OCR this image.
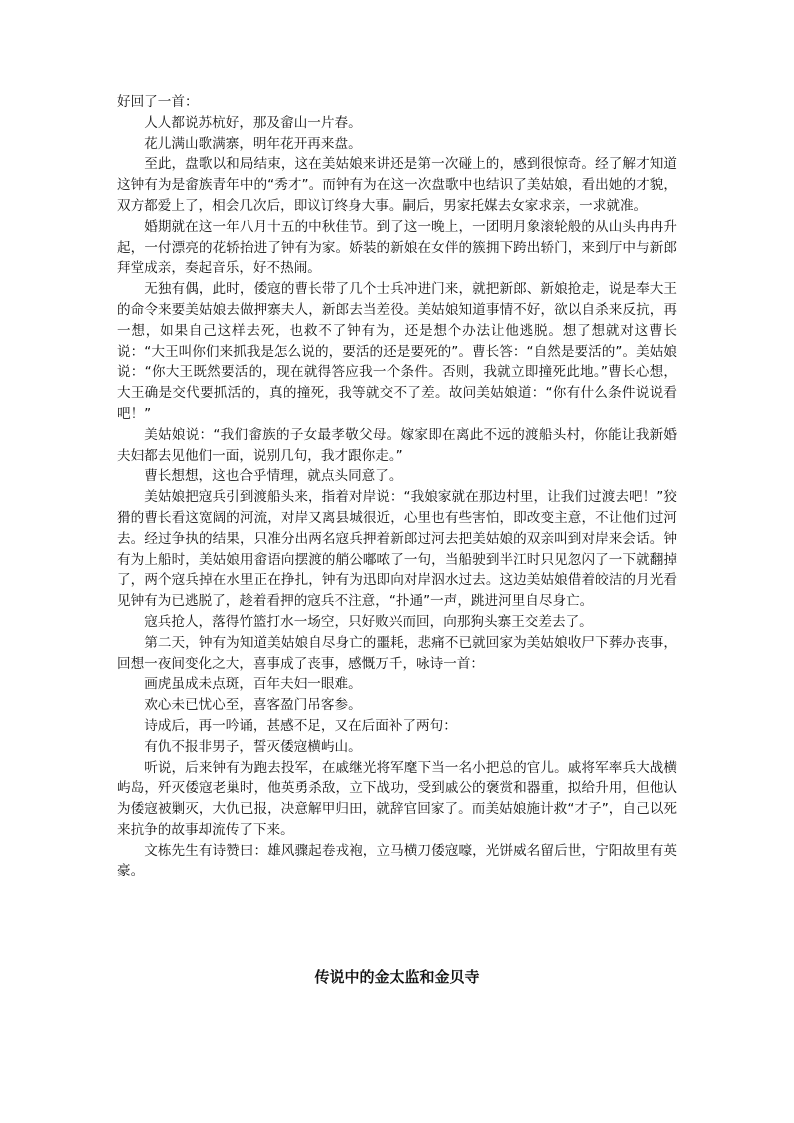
好回了一首：

人人都说苏杭好，那及畲山一片春。

花儿满山歌满寨，明年花开再来盘。

至此，盘歌以和局结束，这在美姑娘来讲还是第一次碰上的，感到很惊奇。经了解才知道这钟有为是畲族青年中的“秀才”。而钟有为在这一次盘歌中也结识了美姑娘，看出她的才貌，双方都爱上了，相会几次后，即议订终身大事。嗣后，男家托媒去女家求亲，一求就准。

婚期就在这一年八月十五的中秋佳节。到了这一晚上，一团明月象滚轮般的从山头冉冉升起，一付漂亮的花轿抬进了钟有为家。娇装的新娘在女伴的簇拥下跨出轿门，来到厅中与新郎拜堂成亲，奏起音乐，好不热闹。

无独有偶，此时，倭寇的曹长带了几个士兵冲进门来，就把新郎、新娘抢走，说是奉大王的命令来要美姑娘去做押寨夫人，新郎去当差役。美姑娘知道事情不好，欲以自杀来反抗，再一想，如果自己这样去死，也救不了钟有为，还是想个办法让他逃脱。想了想就对这曹长说：“大王叫你们来抓我是怎么说的，要活的还是要死的”。曹长答：“自然是要活的”。美姑娘说：“你大王既然要活的，现在就得答应我一个条件。否则，我就立即撞死此地。”曹长心想，大王确是交代要抓活的，真的撞死，我等就交不了差。故问美姑娘道：“你有什么条件说说看吧！”

美姑娘说：“我们畲族的子女最孝敬父母。嫁家即在离此不远的渡船头村，你能让我新婚夫妇都去见他们一面，说别几句，我才跟你走。”

曹长想想，这也合乎情理，就点头同意了。

美姑娘把寇兵引到渡船头来，指着对岸说：“我娘家就在那边村里，让我们过渡去吧！”狡猾的曹长看这宽阔的河流，对岸又离县城很近，心里也有些害怕，即改变主意，不让他们过河去。经过争执的结果，只准分出两名寇兵押着新郎过河去把美姑娘的双亲叫到对岸来会话。钟有为上船时，美姑娘用畲语向摆渡的艄公嘟哝了一句，当船驶到半江时只见忽闪了一下就翻掉了，两个寇兵掉在水里正在挣扎，钟有为迅即向对岸泅水过去。这边美姑娘借着皎洁的月光看见钟有为已逃脱了，趁着看押的寇兵不注意，“扑通”一声，跳进河里自尽身亡。

寇兵抢人，落得竹篮打水一场空，只好败兴而回，向那狗头寨王交差去了。

第二天，钟有为知道美姑娘自尽身亡的噩耗，悲痛不已就回家为美姑娘收尸下葬办丧事，回想一夜间变化之大，喜事成了丧事，感慨万千，咏诗一首：

画虎虽成未点斑，百年夫妇一眼难。

欢心未已忧心至，喜客盈门吊客参。

诗成后，再一吟诵，甚感不足，又在后面补了两句：

有仇不报非男子，誓灭倭寇横屿山。

听说，后来钟有为跑去投军，在戚继光将军麾下当一名小把总的官儿。戚将军率兵大战横屿岛，歼灭倭寇老巢时，他英勇杀敌，立下战功，受到戚公的褒赏和器重，拟给升用，但他认为倭寇被剿灭，大仇已报，决意解甲归田，就辞官回家了。而美姑娘施计救“才子”，自己以死来抗争的故事却流传了下来。

文栋先生有诗赞曰：雄风骤起卷戎袍，立马横刀倭寇嚎，光饼威名留后世，宁阳故里有英豪。

传说中的金太监和金贝寺
